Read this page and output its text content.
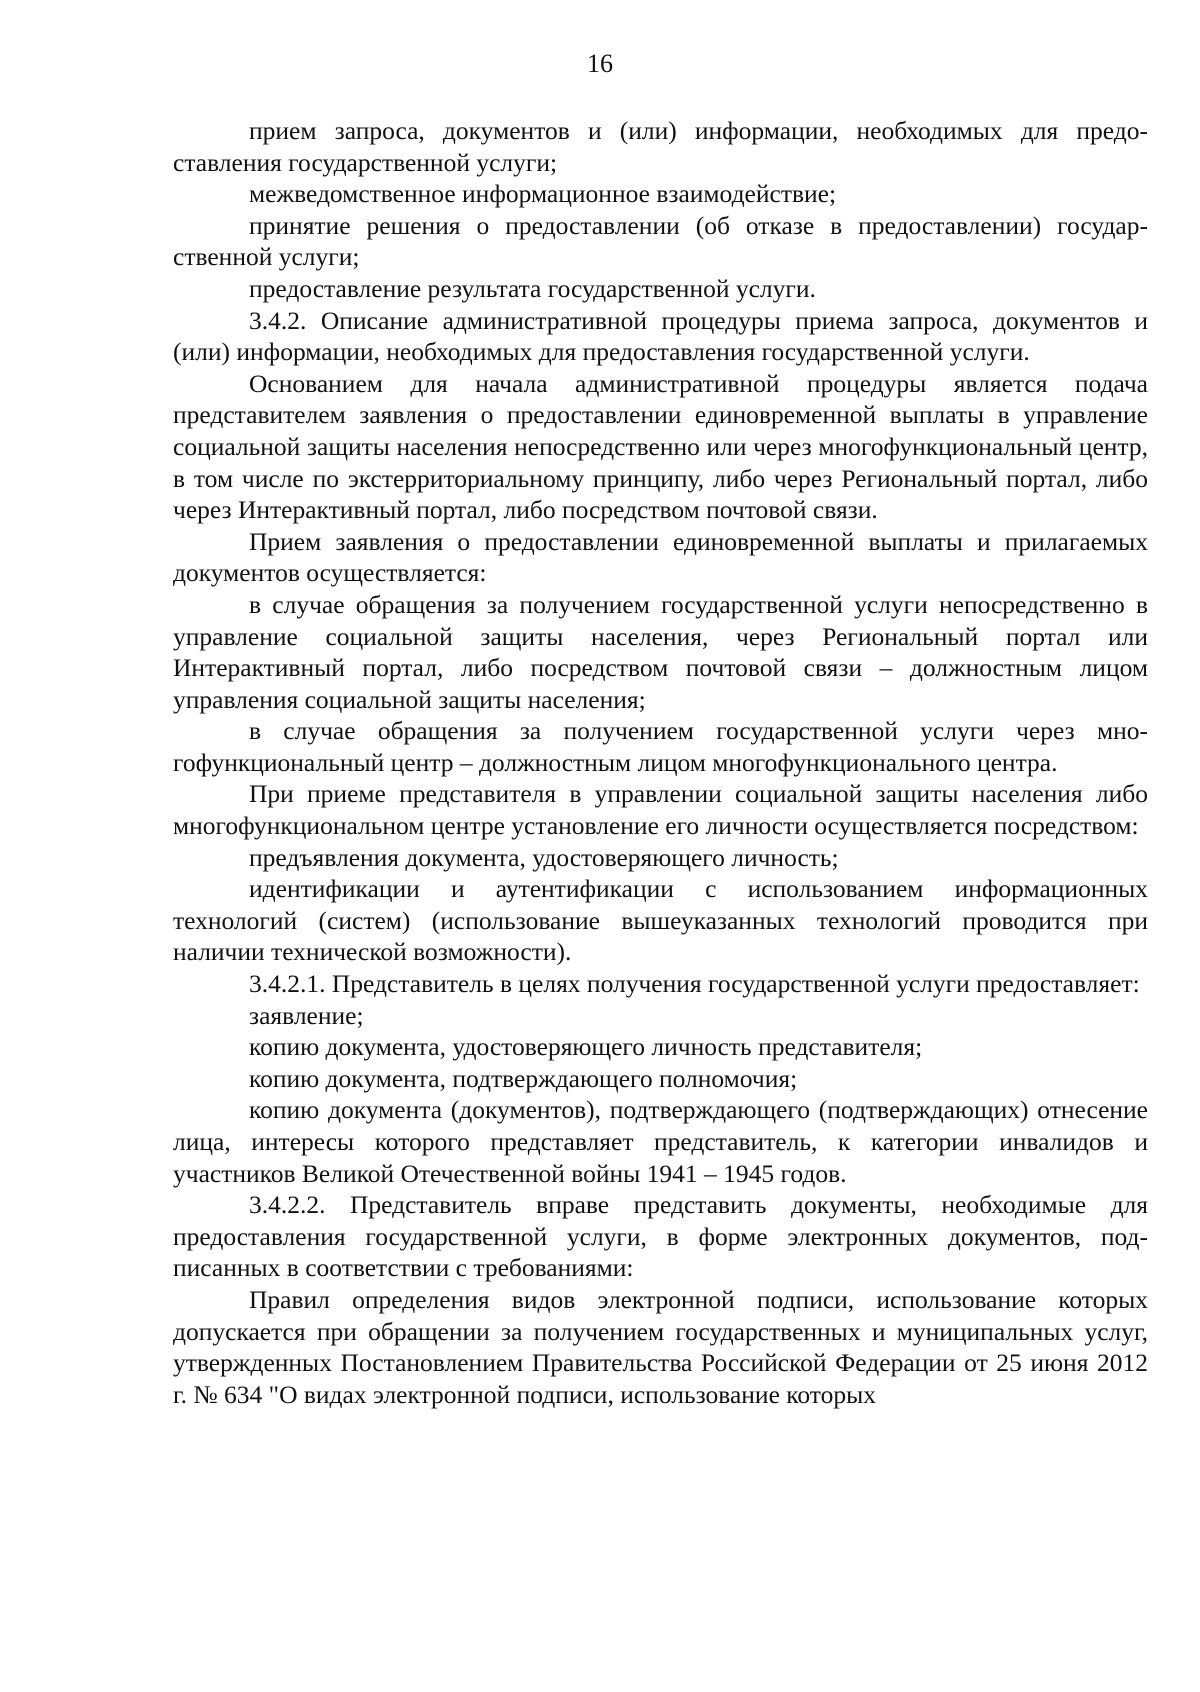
16

прием запроса, документов и (или) информации, необходимых для предоставления государственной услуги;

межведомственное информационное взаимодействие;

принятие решения о предоставлении (об отказе в предоставлении) государственной услуги;

предоставление результата государственной услуги.

3.4.2. Описание административной процедуры приема запроса, документов и (или) информации, необходимых для предоставления государственной услуги.

Основанием для начала административной процедуры является подача представителем заявления о предоставлении единовременной выплаты в управление социальной защиты населения непосредственно или через многофункциональный центр, в том числе по экстерриториальному принципу, либо через Региональный портал, либо через Интерактивный портал, либо посредством почтовой связи.

Прием заявления о предоставлении единовременной выплаты и прилагаемых документов осуществляется:

в случае обращения за получением государственной услуги непосредственно в управление социальной защиты населения, через Региональный портал или Интерактивный портал, либо посредством почтовой связи – должностным лицом управления социальной защиты населения;

в случае обращения за получением государственной услуги через многофункциональный центр – должностным лицом многофункционального центра.

При приеме представителя в управлении социальной защиты населения либо многофункциональном центре установление его личности осуществляется посредством:

предъявления документа, удостоверяющего личность;

идентификации и аутентификации с использованием информационных технологий (систем) (использование вышеуказанных технологий проводится при наличии технической возможности).

3.4.2.1. Представитель в целях получения государственной услуги предоставляет:

заявление;

копию документа, удостоверяющего личность представителя;

копию документа, подтверждающего полномочия;

копию документа (документов), подтверждающего (подтверждающих) отнесение лица, интересы которого представляет представитель, к категории инвалидов и участников Великой Отечественной войны 1941 – 1945 годов.

3.4.2.2. Представитель вправе представить документы, необходимые для предоставления государственной услуги, в форме электронных документов, подписанных в соответствии с требованиями:

Правил определения видов электронной подписи, использование которых допускается при обращении за получением государственных и муниципальных услуг, утвержденных Постановлением Правительства Российской Федерации от 25 июня 2012 г. № 634 "О видах электронной подписи, использование которых
